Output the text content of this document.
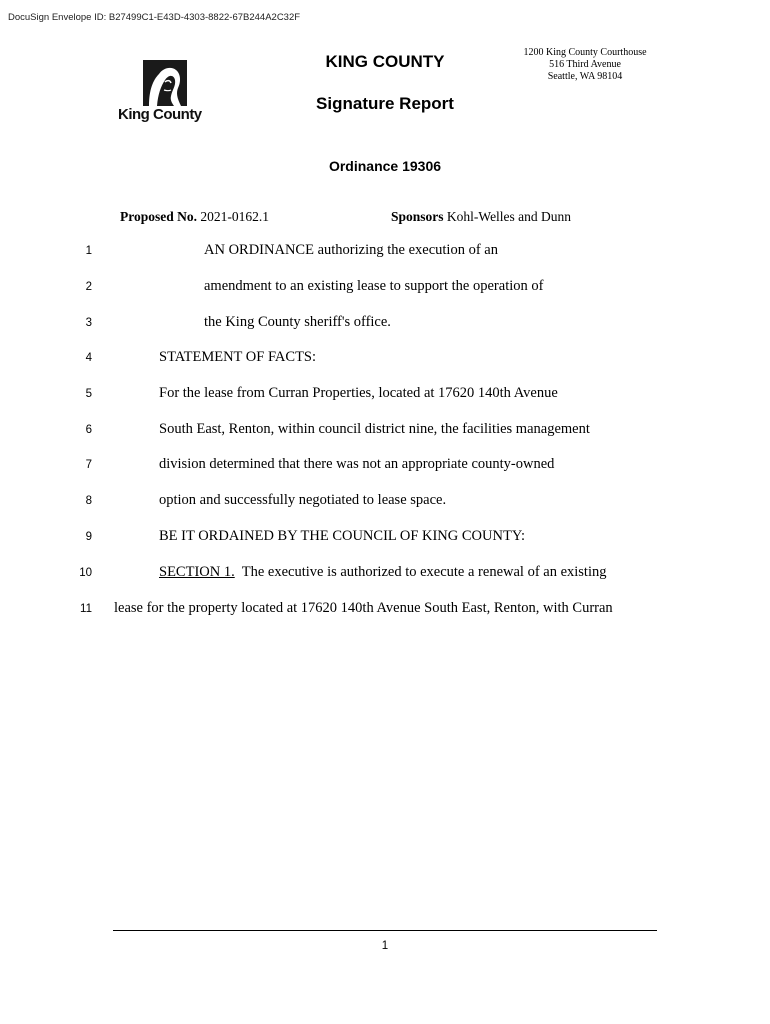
DocuSign Envelope ID: B27499C1-E43D-4303-8822-67B244A2C32F
King County
KING COUNTY
Signature Report
1200 King County Courthouse
516 Third Avenue
Seattle, WA 98104
Ordinance 19306
Proposed No. 2021-0162.1	Sponsors Kohl-Welles and Dunn
1	AN ORDINANCE authorizing the execution of an
2	amendment to an existing lease to support the operation of
3	the King County sheriff's office.
4	STATEMENT OF FACTS:
5	For the lease from Curran Properties, located at 17620 140th Avenue
6	South East, Renton, within council district nine, the facilities management
7	division determined that there was not an appropriate county-owned
8	option and successfully negotiated to lease space.
9	BE IT ORDAINED BY THE COUNCIL OF KING COUNTY:
10	SECTION 1. The executive is authorized to execute a renewal of an existing
11 lease for the property located at 17620 140th Avenue South East, Renton, with Curran
1
